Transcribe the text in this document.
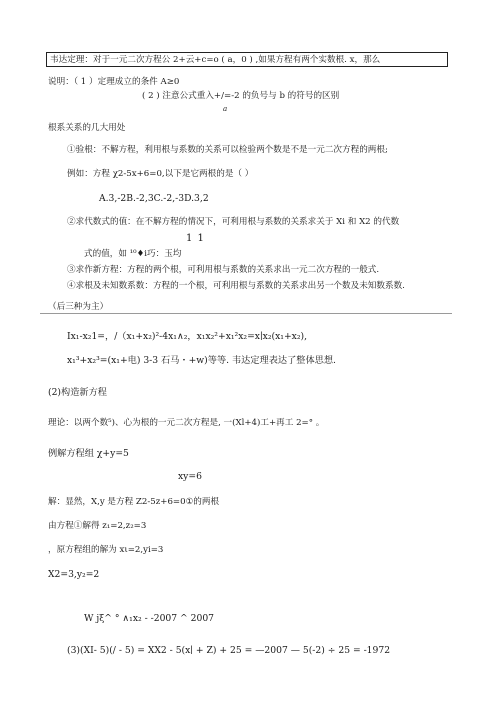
韦达定理：对于一元二次方程公 2+云+c=o ( a，0 ) ,如果方程有两个实数根. ⅹ，那么
说明：（ 1 ）定理成立的条件 A≥0
( 2 ) 注意公式重入+/=-2 的负号与 b 的符号的区别
a
根系关系的几大用处
①验根：不解方程，利用根与系数的关系可以检验两个数是不是一元二次方程的两根;
例如：方程 χ2-5x+6=0,以下是它两根的是（ ）
A.3,-2B.-2,3C.-2,-3D.3,2
②求代数式的值：在不解方程的情况下，可利用根与系数的关系求关于 Xi 和 X2 的代数
1 1
式的值，如 ¹⁰♦ⅰ巧：玉均
③求作新方程：方程的两个根，可利用根与系数的关系求出一元二次方程的一般式.
④求根及未知数系数：方程的一个根，可利用根与系数的关系求出另一个数及未知数系数.
（后三种为主）
Ix₁-x₂1=，/（x₁+x₂)²-4x₁∧₂，x₁x₂²+x₁²x₂=x∣x₂(x₁+x₂),
x₁³+x₂³=(x₁+电) 3-3 石马・+w)等等. 韦达定理表达了整体思想.
(2)构造新方程
理论：以两个数⁵)、心为根的一元二次方程是, 一(Xl+4)工+再工 2=° 。
例解方程组 χ+y=5
xy=6
解：显然，X,y 是方程 Z2-5z+6=0①的两根
由方程①解得 z₁=2,z₂=3
，原方程组的解为 xι=2,yⅰ=3
X2=3,y₂=2
W jξ^ ° ∧₁x₂ - -2007 ^ 2007
(3)(XI- 5)(/ - 5) = XX2 - 5(x∣ + Z) + 25 = —2007 — 5(-2) ÷ 25 = -1972
